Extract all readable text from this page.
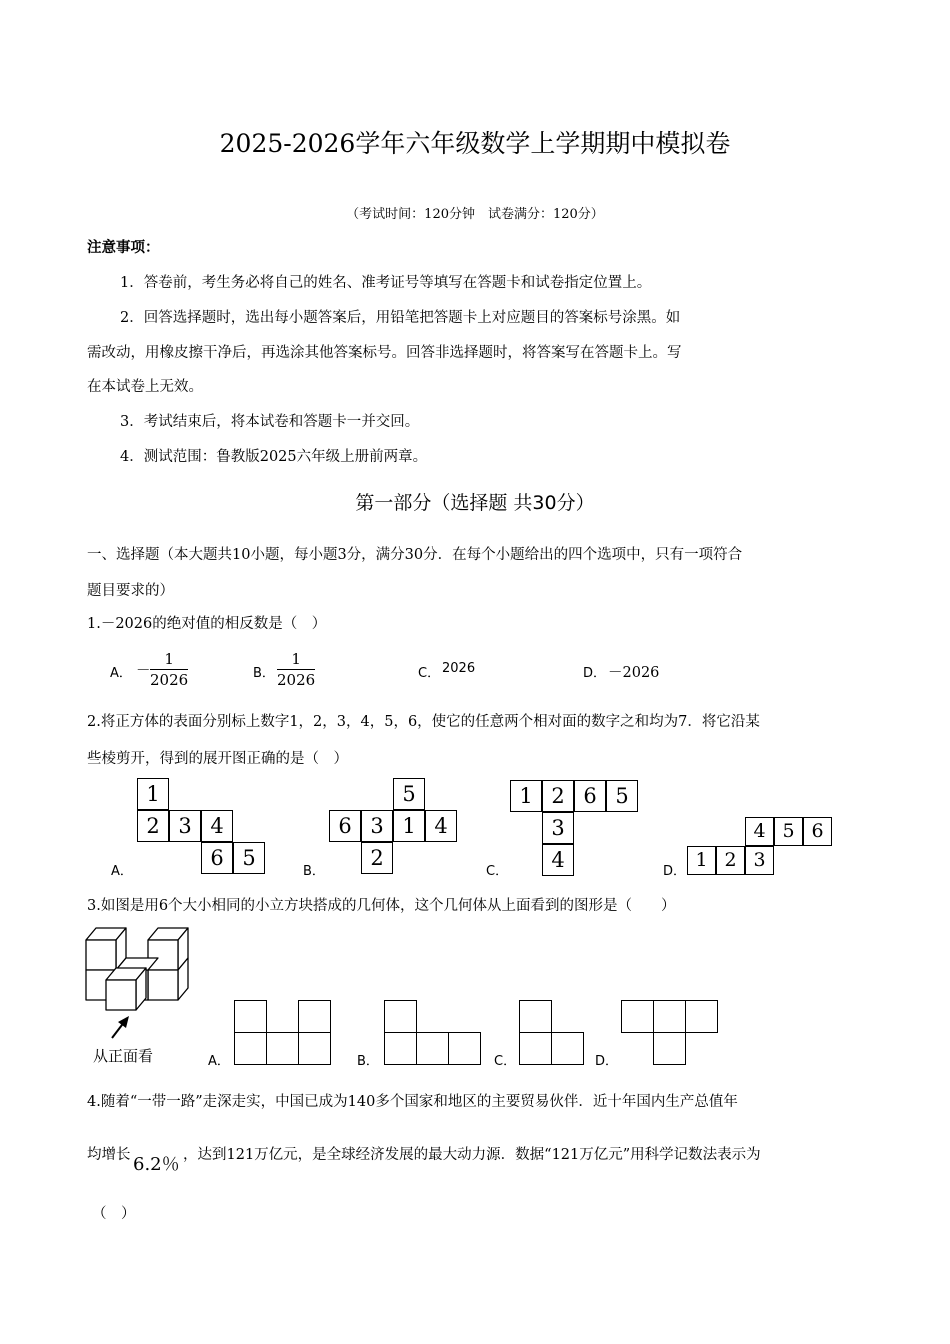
2025-2026学年六年级数学上学期期中模拟卷
（考试时间：120分钟　试卷满分：120分）
注意事项：
1．答卷前，考生务必将自己的姓名、准考证号等填写在答题卡和试卷指定位置上。
2．回答选择题时，选出每小题答案后，用铅笔把答题卡上对应题目的答案标号涂黑。如
需改动，用橡皮擦干净后，再选涂其他答案标号。回答非选择题时，将答案写在答题卡上。写
在本试卷上无效。
3．考试结束后，将本试卷和答题卡一并交回。
4．测试范围：鲁教版2025六年级上册前两章。
第一部分（选择题 共30分）
一、选择题（本大题共10小题，每小题3分，满分30分．在每个小题给出的四个选项中，只有一项符合
题目要求的）
1.－2026的绝对值的相反数是（　）
A． － $\frac{1}{2026}$	B． $\frac{1}{2026}$	C． 2026	D． －2026
2.将正方体的表面分别标上数字1，2，3，4，5，6，使它的任意两个相对面的数字之和均为7．将它沿某
些棱剪开，得到的展开图正确的是（　）
A．
1
2 3 4
6 5
B．
5
6 3 1 4
2
C．
1 2 6 5
3
4	D．
4 5 6
1 2 3
3.如图是用6个大小相同的小立方块搭成的几何体，这个几何体从上面看到的图形是（　　）
从正面看	A．	B．	C．	D．
4.随着“一带一路”走深走实，中国已成为140多个国家和地区的主要贸易伙伴．近十年国内生产总值年
均增长 6.2％ ，达到121万亿元，是全球经济发展的最大动力源．数据“121万亿元”用科学记数法表示为
（　）
